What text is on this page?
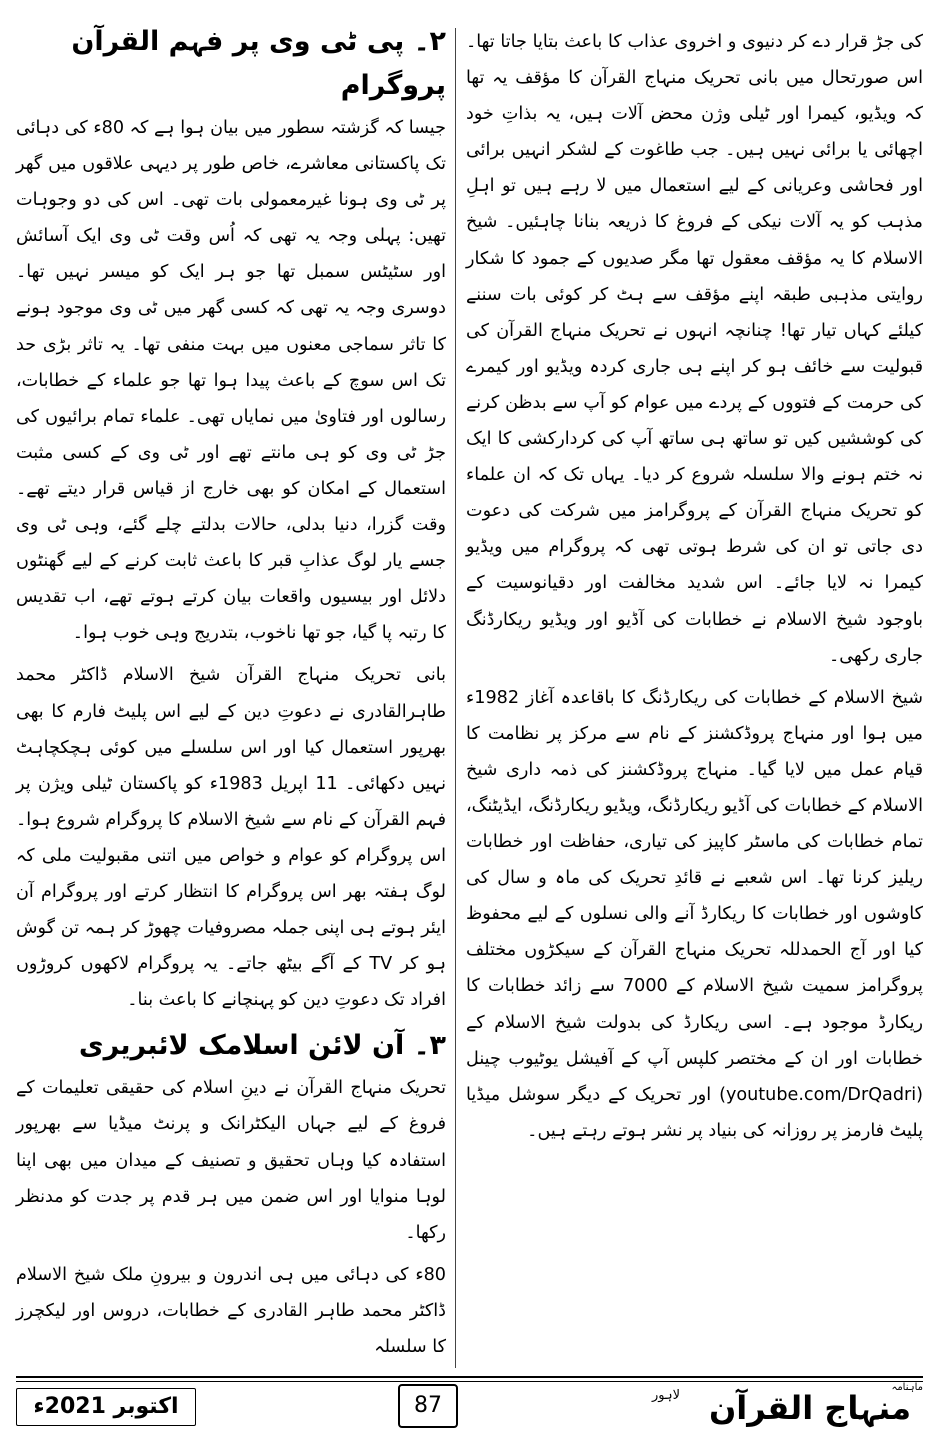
کی جڑ قرار دے کر دنیوی و اخروی عذاب کا باعث بتایا جاتا تھا۔ اس صورتحال میں بانی تحریک منہاج القرآن کا مؤقف یہ تھا کہ ویڈیو، کیمرا اور ٹیلی وژن محض آلات ہیں، یہ بذاتِ خود اچھائی یا برائی نہیں ہیں۔ جب طاغوت کے لشکر انہیں برائی اور فحاشی وعریانی کے لیے استعمال میں لا رہے ہیں تو اہلِ مذہب کو یہ آلات نیکی کے فروغ کا ذریعہ بنانا چاہئیں۔ شیخ الاسلام کا یہ مؤقف معقول تھا مگر صدیوں کے جمود کا شکار روایتی مذہبی طبقہ اپنے مؤقف سے ہٹ کر کوئی بات سننے کیلئے کہاں تیار تھا! چنانچہ انہوں نے تحریک منہاج القرآن کی قبولیت سے خائف ہو کر اپنے ہی جاری کردہ ویڈیو اور کیمرے کی حرمت کے فتووں کے پردے میں عوام کو آپ سے بدظن کرنے کی کوششیں کیں تو ساتھ ہی ساتھ آپ کی کردارکشی کا ایک نہ ختم ہونے والا سلسلہ شروع کر دیا۔ یہاں تک کہ ان علماء کو تحریک منہاج القرآن کے پروگرامز میں شرکت کی دعوت دی جاتی تو ان کی شرط ہوتی تھی کہ پروگرام میں ویڈیو کیمرا نہ لایا جائے۔ اس شدید مخالفت اور دقیانوسیت کے باوجود شیخ الاسلام نے خطابات کی آڈیو اور ویڈیو ریکارڈنگ جاری رکھی۔

شیخ الاسلام کے خطابات کی ریکارڈنگ کا باقاعدہ آغاز 1982ء میں ہوا اور منہاج پروڈکشنز کے نام سے مرکز پر نظامت کا قیام عمل میں لایا گیا۔ منہاج پروڈکشنز کی ذمہ داری شیخ الاسلام کے خطابات کی آڈیو ریکارڈنگ، ویڈیو ریکارڈنگ، ایڈیٹنگ، تمام خطابات کی ماسٹر کاپیز کی تیاری، حفاظت اور خطابات ریلیز کرنا تھا۔ اس شعبے نے قائدِ تحریک کی ماہ و سال کی کاوشوں اور خطابات کا ریکارڈ آنے والی نسلوں کے لیے محفوظ کیا اور آج الحمدللہ تحریک منہاج القرآن کے سیکڑوں مختلف پروگرامز سمیت شیخ الاسلام کے 7000 سے زائد خطابات کا ریکارڈ موجود ہے۔ اسی ریکارڈ کی بدولت شیخ الاسلام کے خطابات اور ان کے مختصر کلپس آپ کے آفیشل یوٹیوب چینل (youtube.com/DrQadri) اور تحریک کے دیگر سوشل میڈیا پلیٹ فارمز پر روزانہ کی بنیاد پر نشر ہوتے رہتے ہیں۔

۲۔ پی ٹی وی پر فہم القرآن پروگرام

جیسا کہ گزشتہ سطور میں بیان ہوا ہے کہ 80ء کی دہائی تک پاکستانی معاشرے، خاص طور پر دیہی علاقوں میں گھر پر ٹی وی ہونا غیرمعمولی بات تھی۔ اس کی دو وجوہات تھیں: پہلی وجہ یہ تھی کہ اُس وقت ٹی وی ایک آسائش اور سٹیٹس سمبل تھا جو ہر ایک کو میسر نہیں تھا۔ دوسری وجہ یہ تھی کہ کسی گھر میں ٹی وی موجود ہونے کا تاثر سماجی معنوں میں بہت منفی تھا۔ یہ تاثر بڑی حد تک اس سوچ کے باعث پیدا ہوا تھا جو علماء کے خطابات، رسالوں اور فتاویٰ میں نمایاں تھی۔ علماء تمام برائیوں کی جڑ ٹی وی کو ہی مانتے تھے اور ٹی وی کے کسی مثبت استعمال کے امکان کو بھی خارج از قیاس قرار دیتے تھے۔ وقت گزرا، دنیا بدلی، حالات بدلتے چلے گئے، وہی ٹی وی جسے یار لوگ عذابِ قبر کا باعث ثابت کرنے کے لیے گھنٹوں دلائل اور بیسیوں واقعات بیان کرتے ہوتے تھے، اب تقدیس کا رتبہ پا گیا، جو تھا ناخوب، بتدریج وہی خوب ہوا۔

بانی تحریک منہاج القرآن شیخ الاسلام ڈاکٹر محمد طاہرالقادری نے دعوتِ دین کے لیے اس پلیٹ فارم کا بھی بھرپور استعمال کیا اور اس سلسلے میں کوئی ہچکچاہٹ نہیں دکھائی۔ 11 اپریل 1983ء کو پاکستان ٹیلی ویژن پر فہم القرآن کے نام سے شیخ الاسلام کا پروگرام شروع ہوا۔ اس پروگرام کو عوام و خواص میں اتنی مقبولیت ملی کہ لوگ ہفتہ بھر اس پروگرام کا انتظار کرتے اور پروگرام آن ایئر ہوتے ہی اپنی جملہ مصروفیات چھوڑ کر ہمہ تن گوش ہو کر TV کے آگے بیٹھ جاتے۔ یہ پروگرام لاکھوں کروڑوں افراد تک دعوتِ دین کو پہنچانے کا باعث بنا۔

۳۔ آن لائن اسلامک لائبریری

تحریک منہاج القرآن نے دینِ اسلام کی حقیقی تعلیمات کے فروغ کے لیے جہاں الیکٹرانک و پرنٹ میڈیا سے بھرپور استفادہ کیا وہاں تحقیق و تصنیف کے میدان میں بھی اپنا لوہا منوایا اور اس ضمن میں ہر قدم پر جدت کو مدنظر رکھا۔

80ء کی دہائی میں ہی اندرون و بیرونِ ملک شیخ الاسلام ڈاکٹر محمد طاہر القادری کے خطابات، دروس اور لیکچرز کا سلسلہ

اکتوبر 2021ء	87
ماہنامہ
منہاج القرآن
لاہور
